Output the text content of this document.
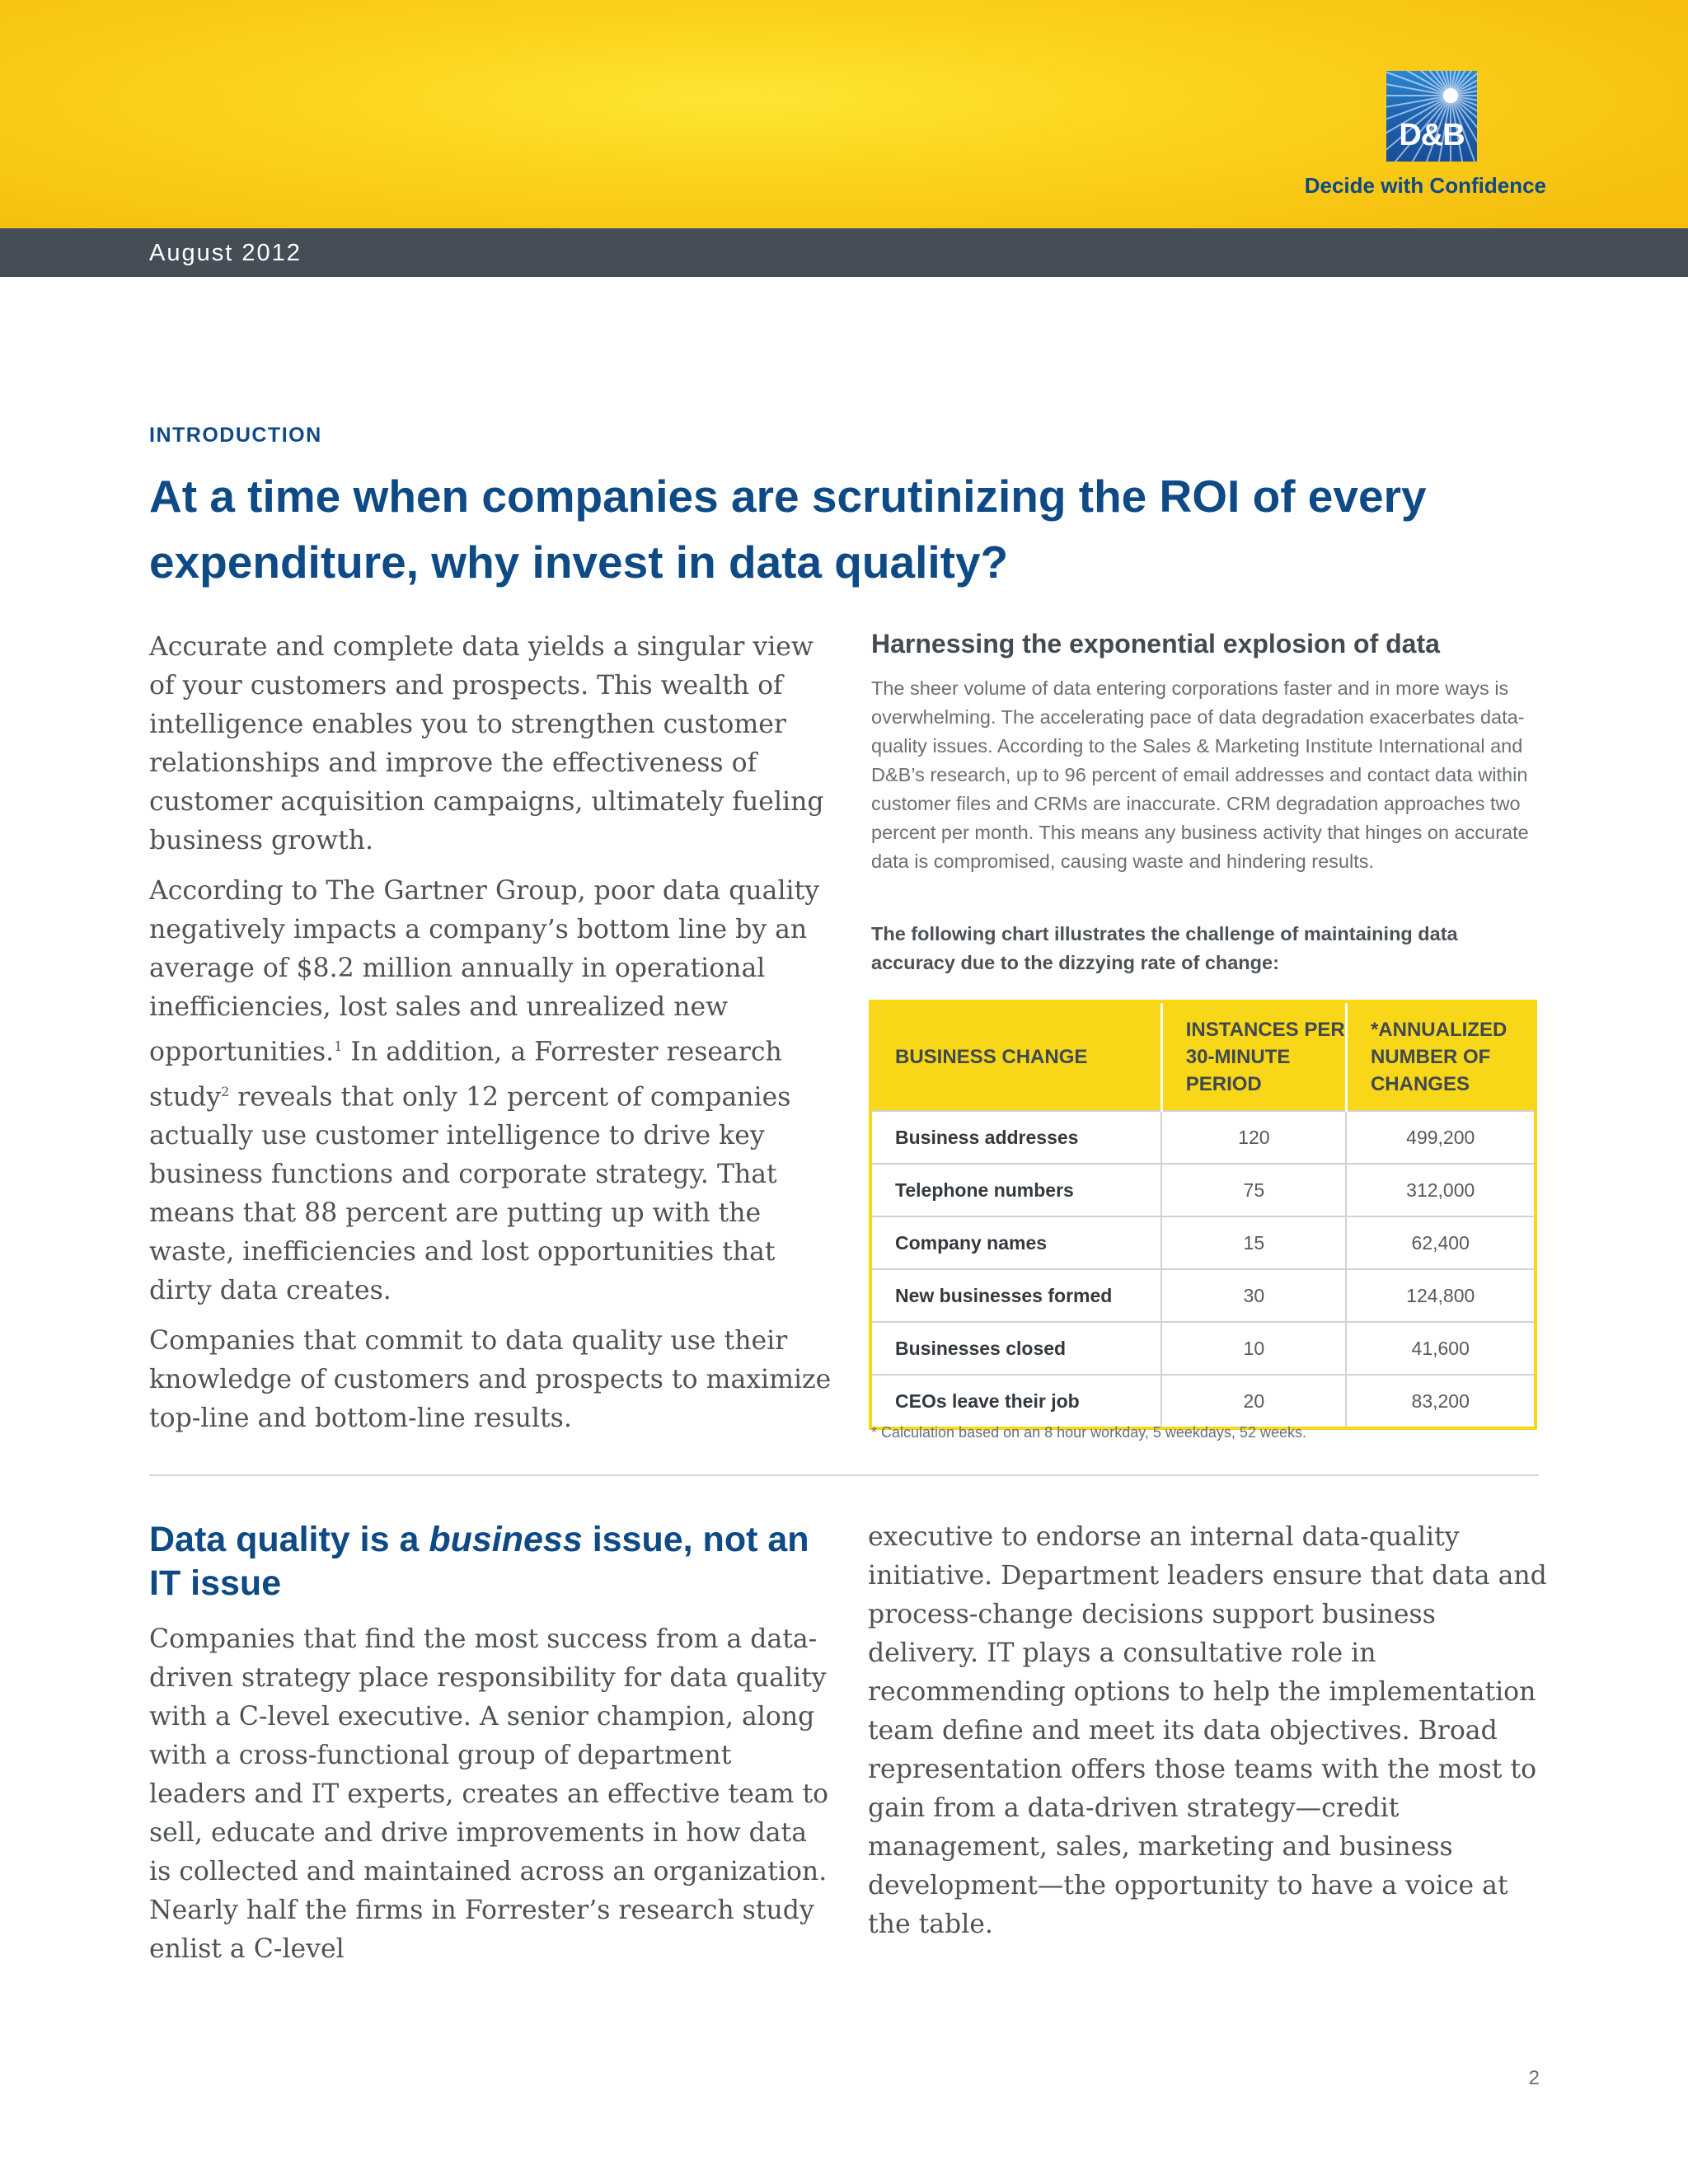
D&B
Decide with Confidence
August 2012
INTRODUCTION
At a time when companies are scrutinizing the ROI of every expenditure, why invest in data quality?

Accurate and complete data yields a singular view of your customers and prospects. This wealth of intelligence enables you to strengthen customer relationships and improve the effectiveness of customer acquisition campaigns, ultimately fueling business growth.

According to The Gartner Group, poor data quality negatively impacts a company’s bottom line by an average of $8.2 million annually in operational inefficiencies, lost sales and unrealized new opportunities.$^1$ In addition, a Forrester research study$^2$ reveals that only 12 percent of companies actually use customer intelligence to drive key business functions and corporate strategy. That means that 88 percent are putting up with the waste, inefficiencies and lost opportunities that dirty data creates.

Companies that commit to data quality use their knowledge of customers and prospects to maximize top-line and bottom-line results.

Harnessing the exponential explosion of data

The sheer volume of data entering corporations faster and in more ways is overwhelming. The accelerating pace of data degradation exacerbates data-quality issues. According to the Sales & Marketing Institute International and D&B’s research, up to 96 percent of email addresses and contact data within customer files and CRMs are inaccurate. CRM degradation approaches two percent per month. This means any business activity that hinges on accurate data is compromised, causing waste and hindering results.

The following chart illustrates the challenge of maintaining data accuracy due to the dizzying rate of change:

BUSINESS CHANGE	INSTANCES PER 30-MINUTE PERIOD	*ANNUALIZED NUMBER OF CHANGES
Business addresses	120	499,200
Telephone numbers	75	312,000
Company names	15	62,400
New businesses formed	30	124,800
Businesses closed	10	41,600
CEOs leave their job	20	83,200
* Calculation based on an 8 hour workday, 5 weekdays, 52 weeks.
Data quality is a business issue, not an IT issue

Companies that find the most success from a data-driven strategy place responsibility for data quality with a C-level executive. A senior champion, along with a cross-functional group of department leaders and IT experts, creates an effective team to sell, educate and drive improvements in how data is collected and maintained across an organization. Nearly half the firms in Forrester’s research study enlist a C-level

executive to endorse an internal data-quality initiative. Department leaders ensure that data and process-change decisions support business delivery. IT plays a consultative role in recommending options to help the implementation team define and meet its data objectives. Broad representation offers those teams with the most to gain from a data-driven strategy—credit management, sales, marketing and business development—the opportunity to have a voice at the table.

2
